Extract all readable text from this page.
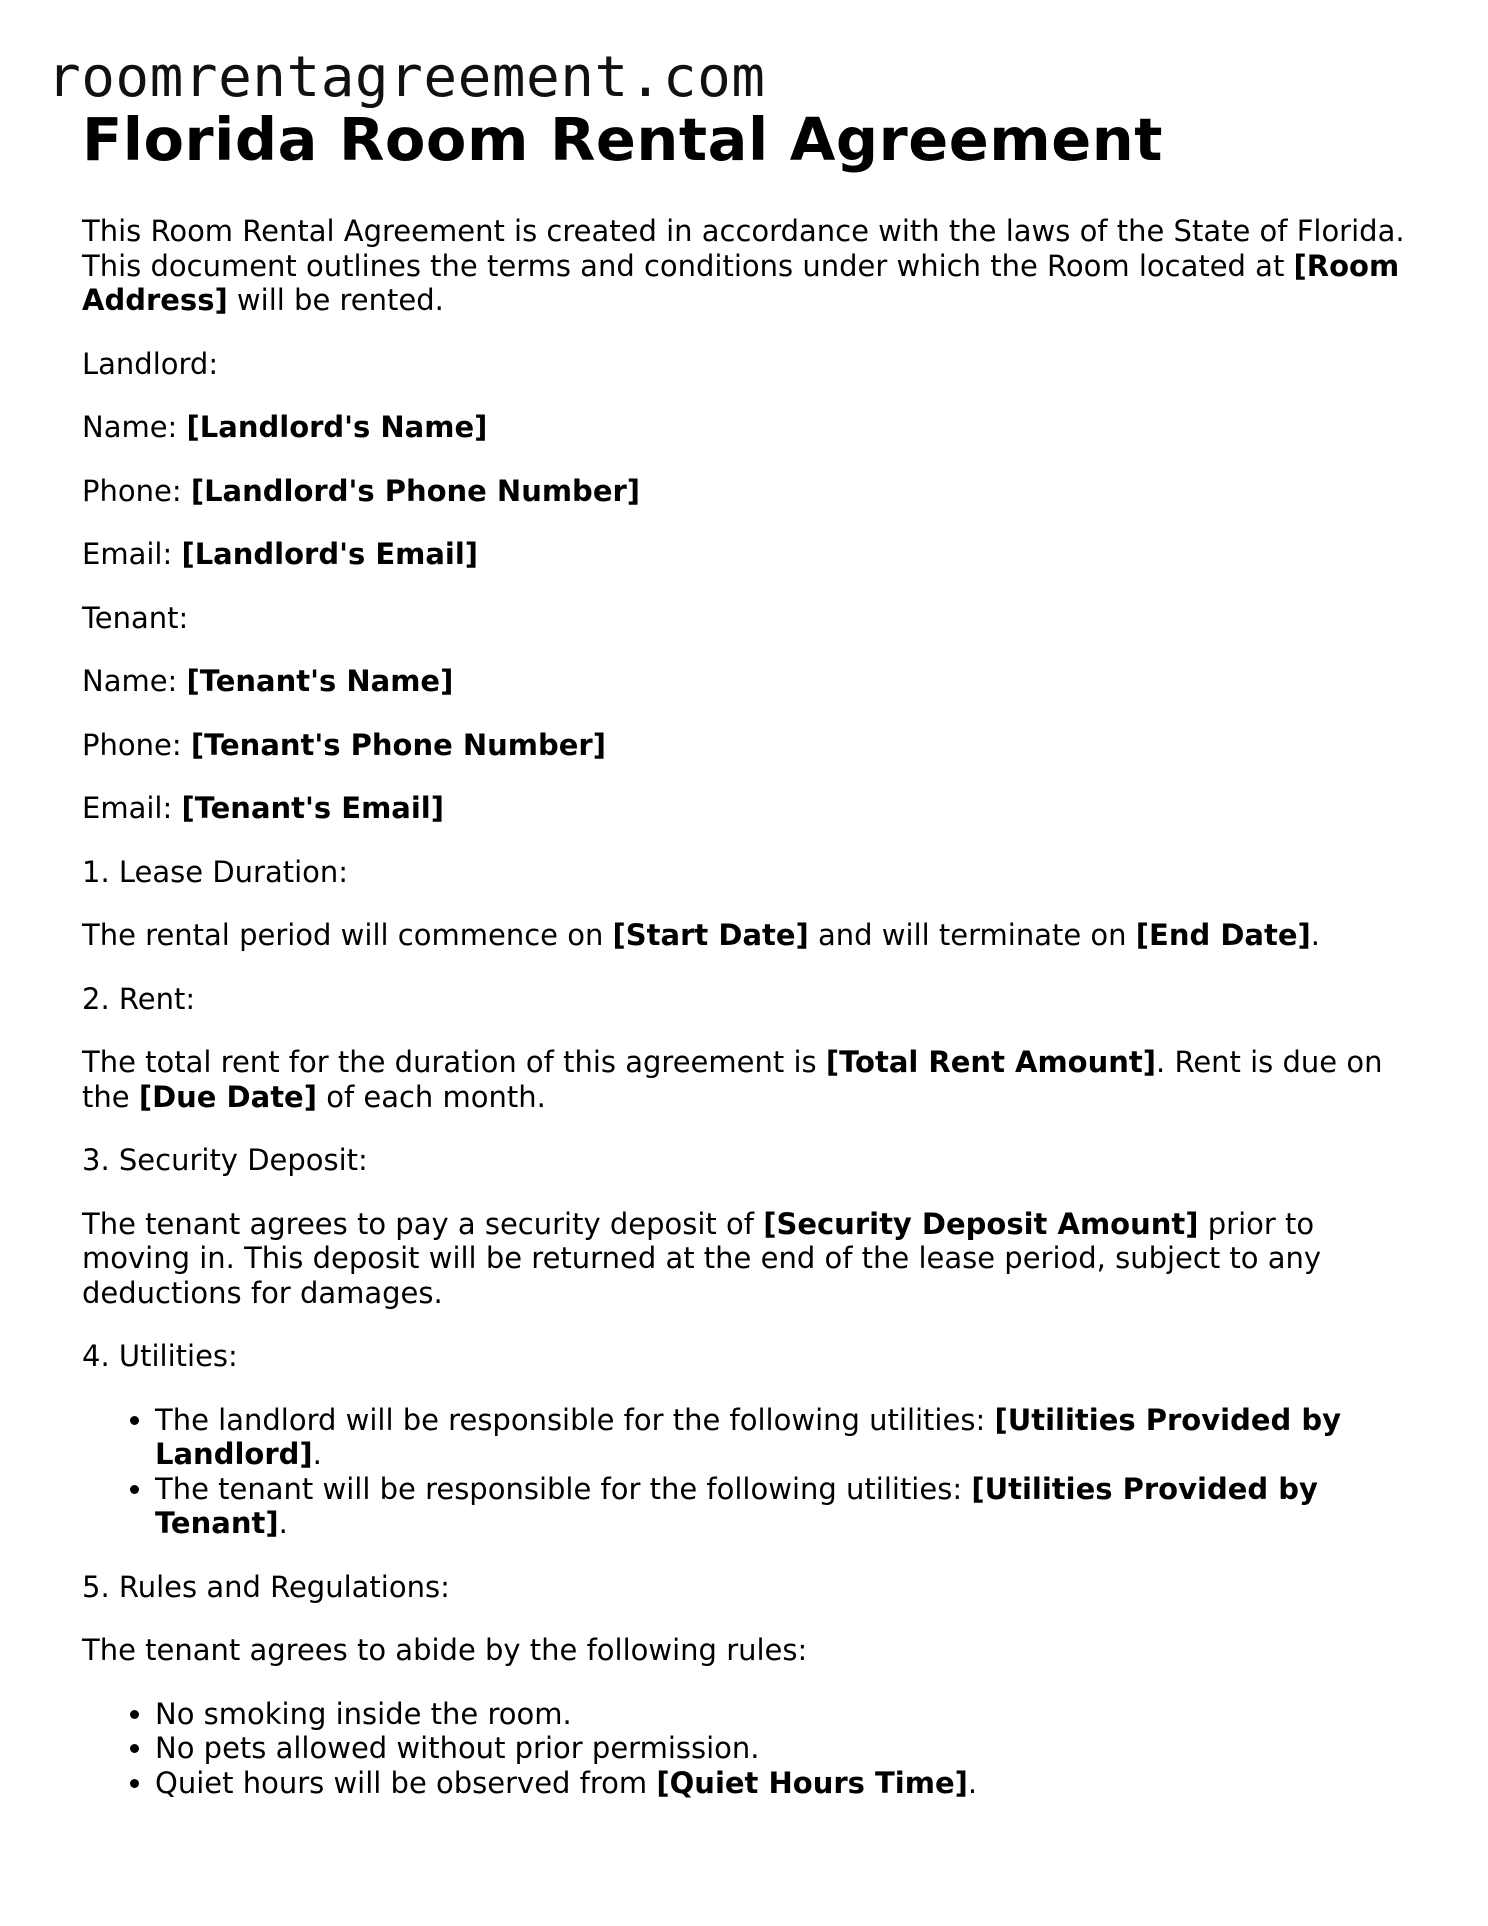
roomrentagreement.com
Florida Room Rental Agreement

This Room Rental Agreement is created in accordance with the laws of the State of Florida. This document outlines the terms and conditions under which the Room located at [Room Address] will be rented.

Landlord:

Name: [Landlord's Name]

Phone: [Landlord's Phone Number]

Email: [Landlord's Email]

Tenant:

Name: [Tenant's Name]

Phone: [Tenant's Phone Number]

Email: [Tenant's Email]

1. Lease Duration:

The rental period will commence on [Start Date] and will terminate on [End Date].

2. Rent:

The total rent for the duration of this agreement is [Total Rent Amount]. Rent is due on the [Due Date] of each month.

3. Security Deposit:

The tenant agrees to pay a security deposit of [Security Deposit Amount] prior to moving in. This deposit will be returned at the end of the lease period, subject to any deductions for damages.

4. Utilities:

• The landlord will be responsible for the following utilities: [Utilities Provided by Landlord].
• The tenant will be responsible for the following utilities: [Utilities Provided by Tenant].

5. Rules and Regulations:

The tenant agrees to abide by the following rules:

• No smoking inside the room.
• No pets allowed without prior permission.
• Quiet hours will be observed from [Quiet Hours Time].
